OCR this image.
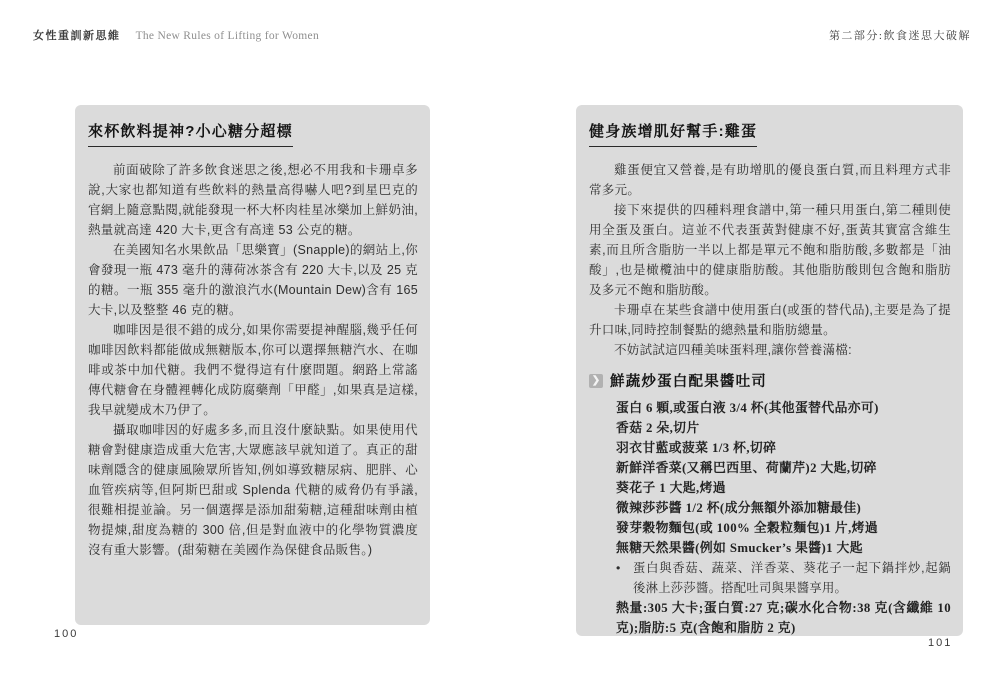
女性重訓新思維 The New Rules of Lifting for Women	第二部分:飲食迷思大破解
來杯飲料提神?小心糖分超標

前面破除了許多飲食迷思之後,想必不用我和卡珊卓多說,大家也都知道有些飲料的熱量高得嚇人吧?到星巴克的官網上隨意點閱,就能發現一杯大杯肉桂星冰樂加上鮮奶油,熱量就高達 420 大卡,更含有高達 53 公克的糖。

在美國知名水果飲品「思樂寶」(Snapple)的網站上,你會發現一瓶 473 毫升的薄荷冰茶含有 220 大卡,以及 25 克的糖。一瓶 355 毫升的激浪汽水(Mountain Dew)含有 165 大卡,以及整整 46 克的糖。

咖啡因是很不錯的成分,如果你需要提神醒腦,幾乎任何咖啡因飲料都能做成無糖版本,你可以選擇無糖汽水、在咖啡或茶中加代糖。我們不覺得這有什麼問題。網路上常謠傳代糖會在身體裡轉化成防腐藥劑「甲醛」,如果真是這樣,我早就變成木乃伊了。

攝取咖啡因的好處多多,而且沒什麼缺點。如果使用代糖會對健康造成重大危害,大眾應該早就知道了。真正的甜味劑隱含的健康風險眾所皆知,例如導致糖尿病、肥胖、心血管疾病等,但阿斯巴甜或 Splenda 代糖的威脅仍有爭議,很難相提並論。另一個選擇是添加甜菊糖,這種甜味劑由植物提煉,甜度為糖的 300 倍,但是對血液中的化學物質濃度沒有重大影響。(甜菊糖在美國作為保健食品販售。)

健身族增肌好幫手:雞蛋

雞蛋便宜又營養,是有助增肌的優良蛋白質,而且料理方式非常多元。

接下來提供的四種料理食譜中,第一種只用蛋白,第二種則使用全蛋及蛋白。這並不代表蛋黃對健康不好,蛋黃其實富含維生素,而且所含脂肪一半以上都是單元不飽和脂肪酸,多數都是「油酸」,也是橄欖油中的健康脂肪酸。其他脂肪酸則包含飽和脂肪及多元不飽和脂肪酸。

卡珊卓在某些食譜中使用蛋白(或蛋的替代品),主要是為了提升口味,同時控制餐點的總熱量和脂肪總量。

不妨試試這四種美味蛋料理,讓你營養滿檔:

❯ 鮮蔬炒蛋白配果醬吐司
蛋白 6 顆,或蛋白液 3/4 杯(其他蛋替代品亦可)
香菇 2 朵,切片
羽衣甘藍或菠菜 1/3 杯,切碎
新鮮洋香菜(又稱巴西里、荷蘭芹)2 大匙,切碎
葵花子 1 大匙,烤過
微辣莎莎醬 1/2 杯(成分無額外添加糖最佳)
發芽穀物麵包(或 100% 全穀粒麵包)1 片,烤過
無糖天然果醬(例如 Smucker’s 果醬)1 大匙
•	蛋白與香菇、蔬菜、洋香菜、葵花子一起下鍋拌炒,起鍋後淋上莎莎醬。搭配吐司與果醬享用。

熱量:305 大卡;蛋白質:27 克;碳水化合物:38 克(含纖維 10 克);脂肪:5 克(含飽和脂肪 2 克)

100
101
